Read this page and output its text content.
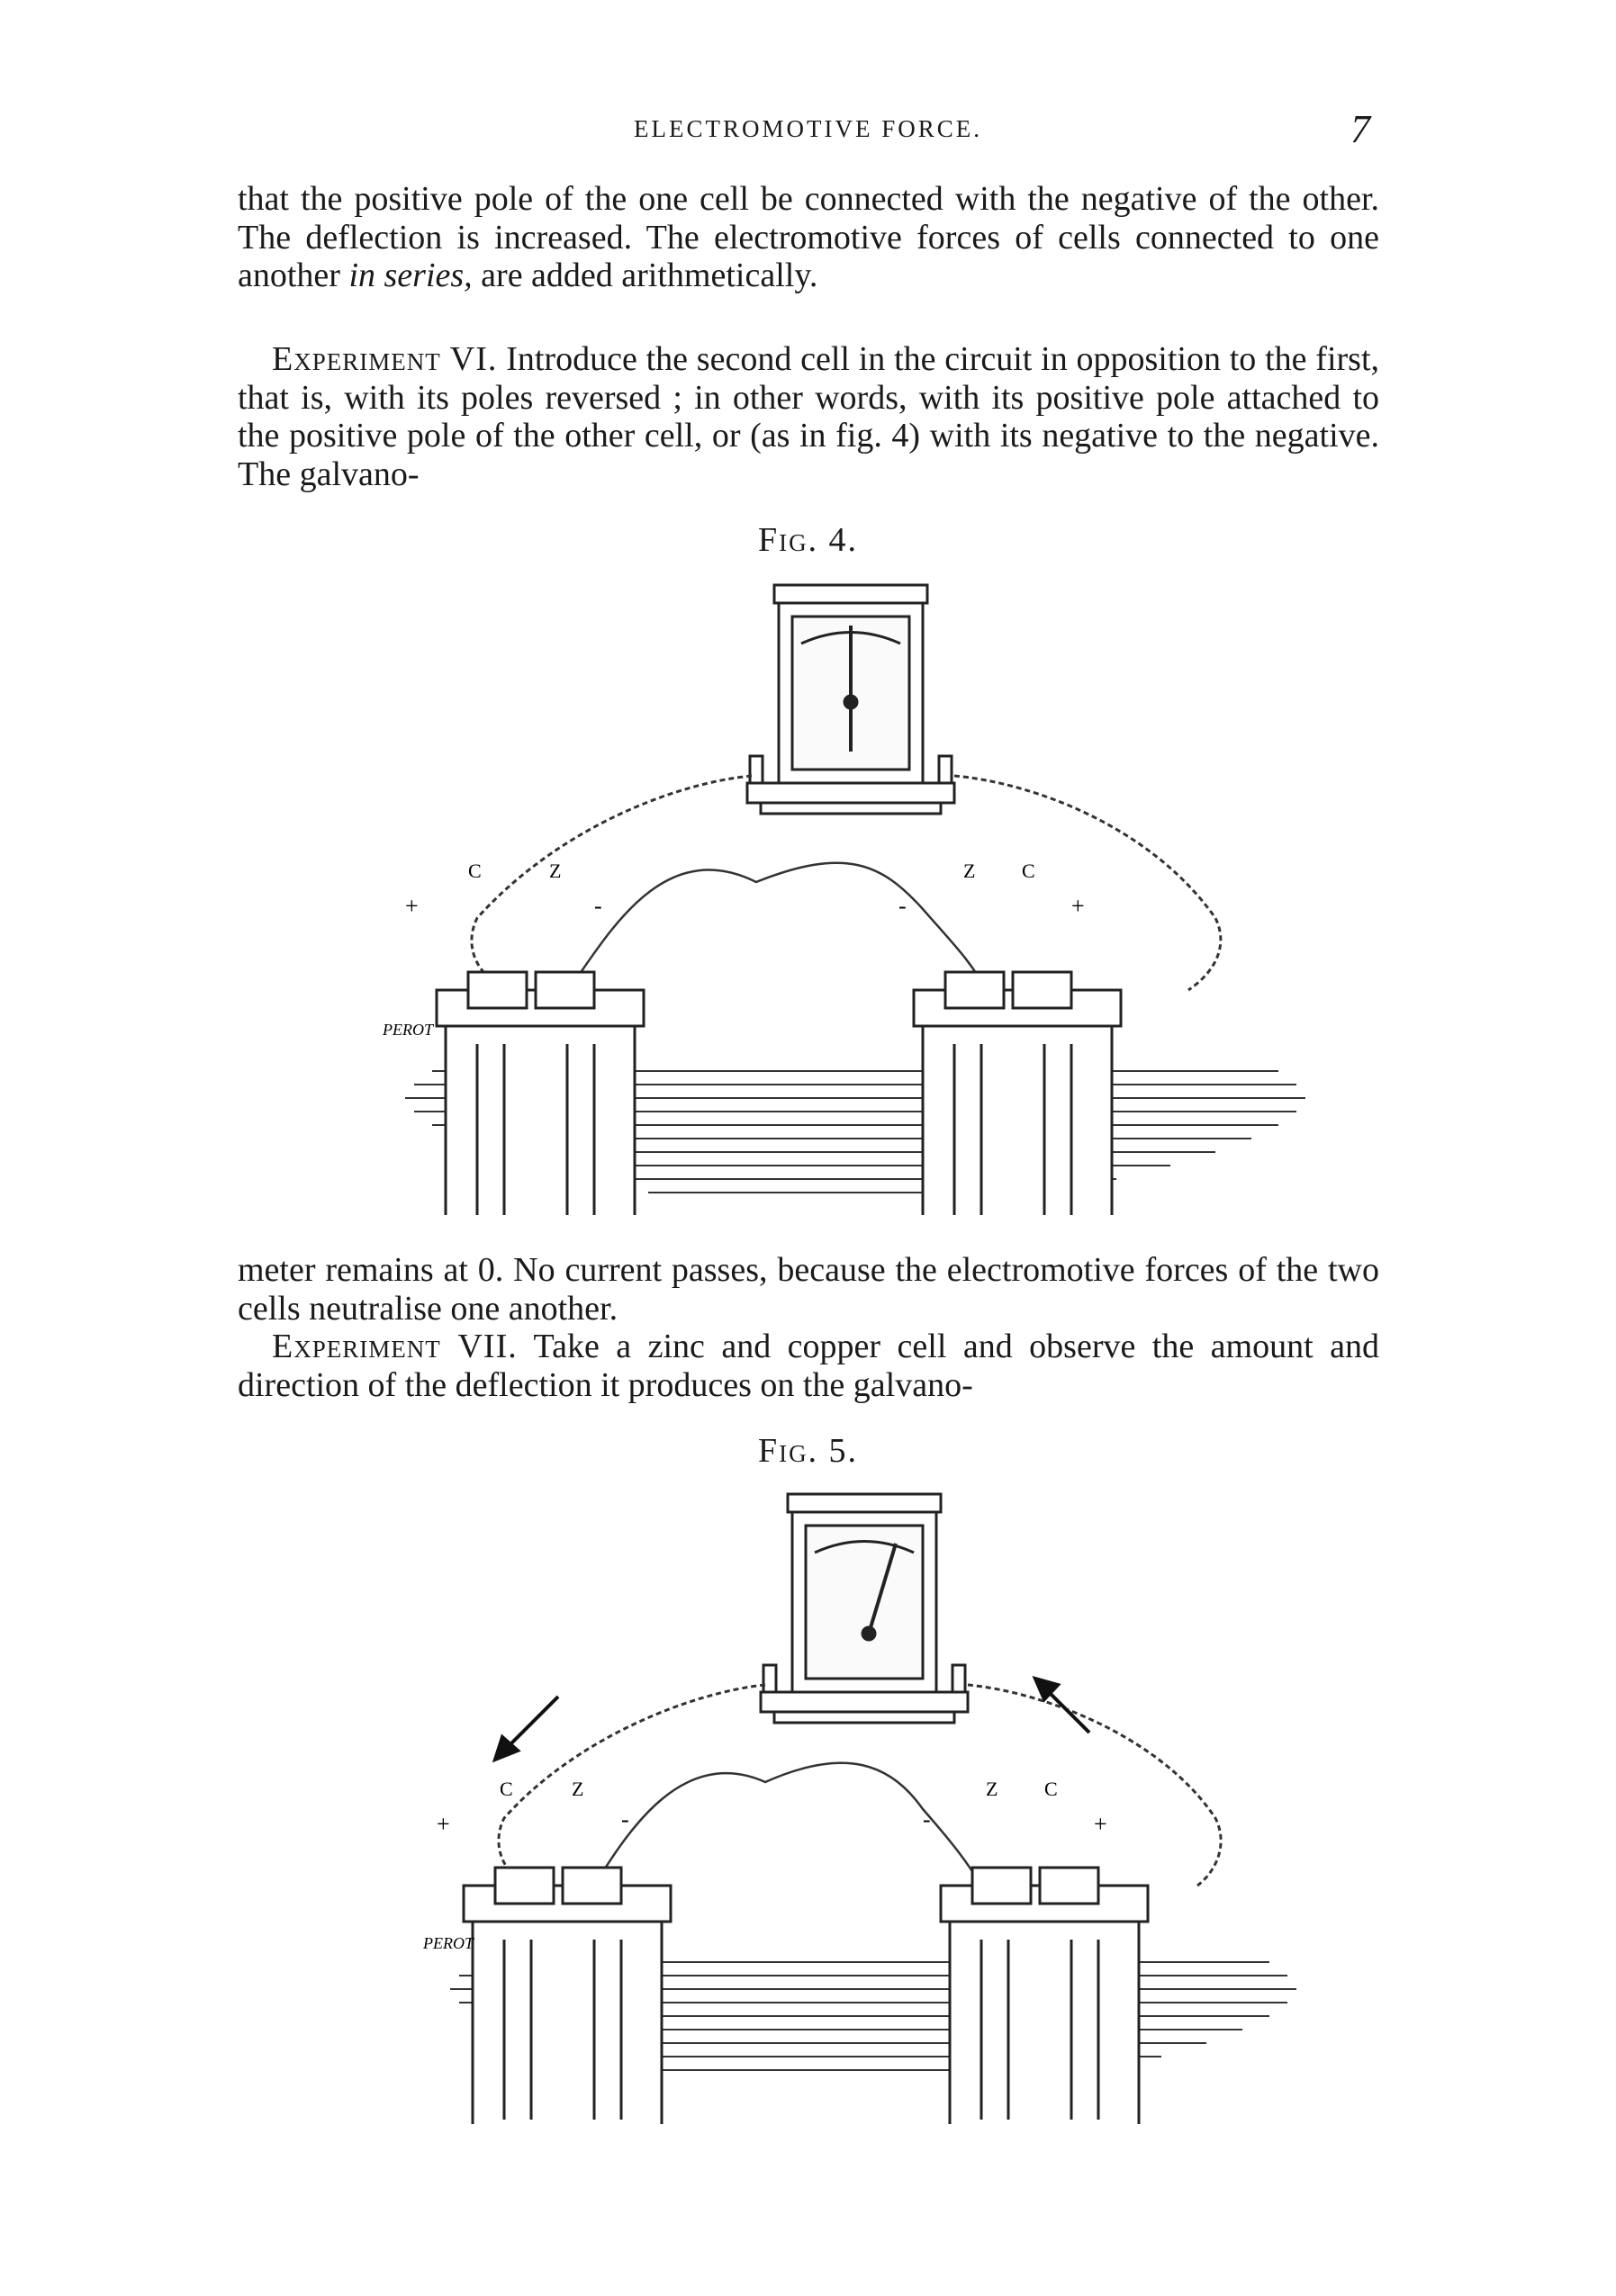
ELECTROMOTIVE FORCE.	7

that the positive pole of the one cell be connected with the negative of the other. The deflection is increased. The electromotive forces of cells connected to one another in series, are added arithmetically.

Experiment VI. Introduce the second cell in the circuit in opposition to the first, that is, with its poles reversed ; in other words, with its positive pole attached to the positive pole of the other cell, or (as in fig. 4) with its negative to the negative. The galvano-

Fig. 4.
+
C	Z
-	-
Z C
+
PEROT

meter remains at 0. No current passes, because the electromotive forces of the two cells neutralise one another.

Experiment VII. Take a zinc and copper cell and observe the amount and direction of the deflection it produces on the galvano-

Fig. 5.
+
C	Z
-	-
Z C
+
PEROT
